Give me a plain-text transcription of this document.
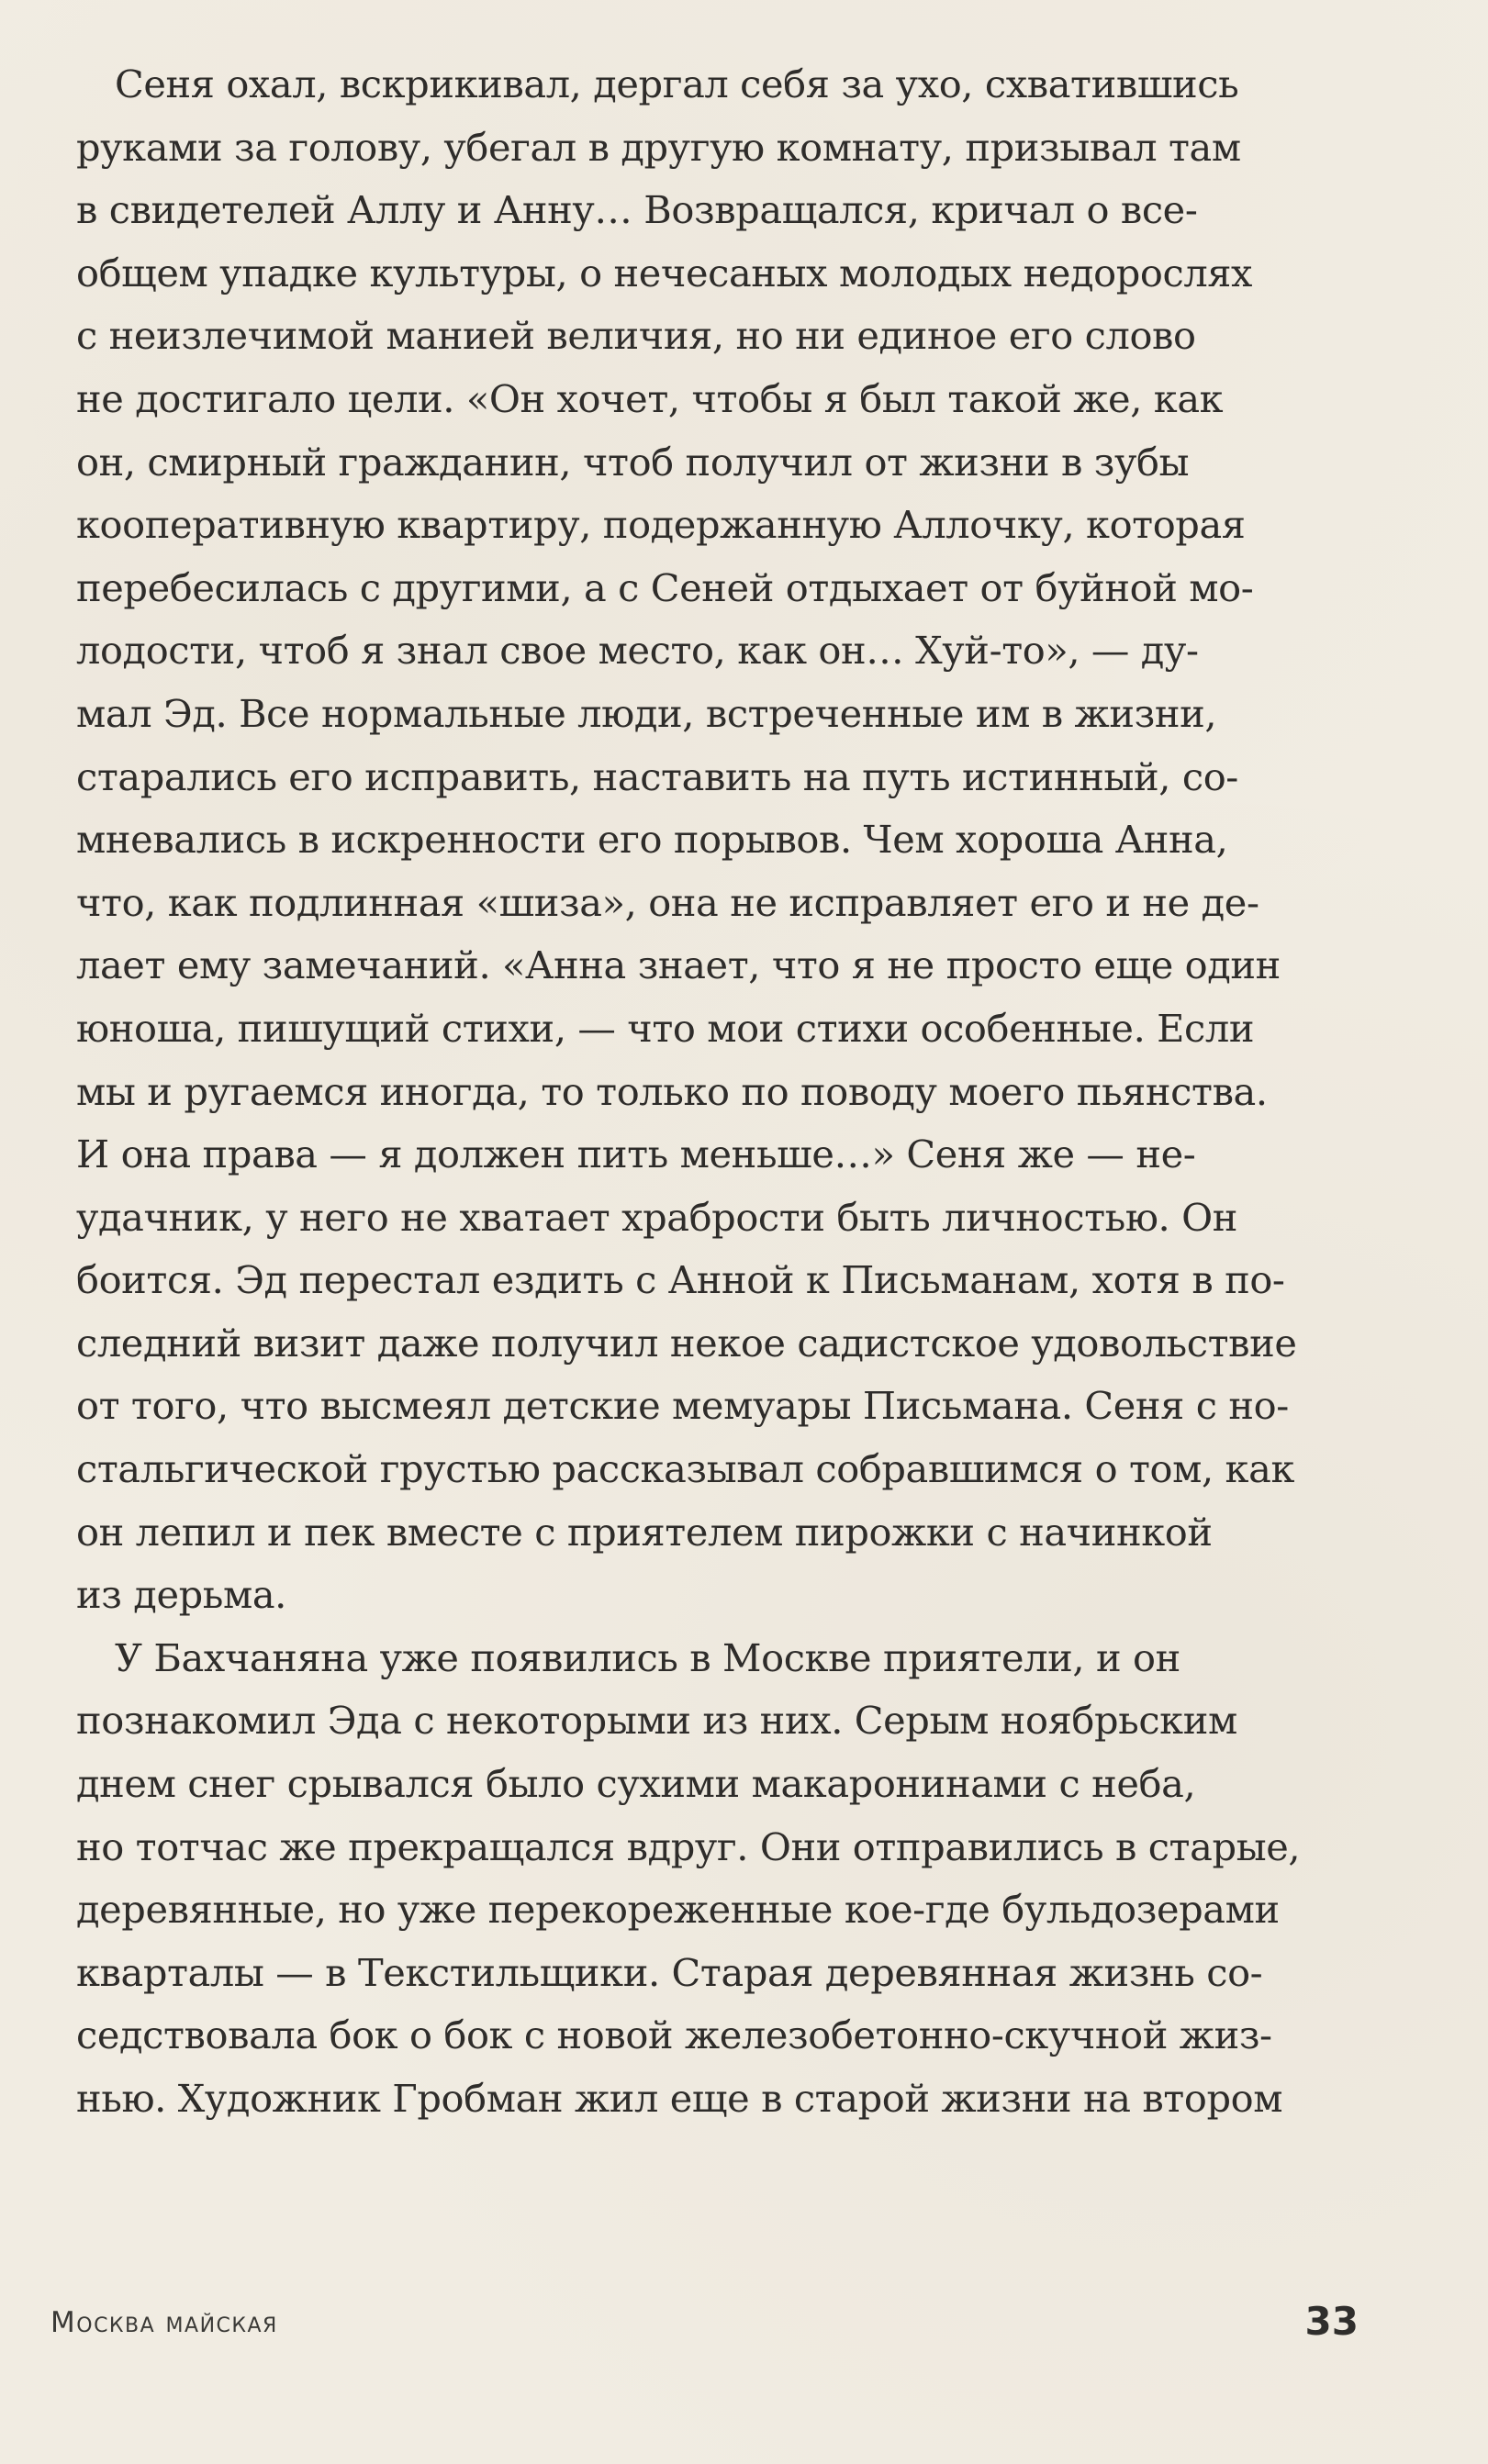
Сеня охал, вскрикивал, дергал себя за ухо, схватившись
руками за голову, убегал в другую комнату, призывал там
в свидетелей Аллу и Анну… Возвращался, кричал о все-
общем упадке культуры, о нечесаных молодых недорослях
с неизлечимой манией величия, но ни единое его слово
не достигало цели. «Он хочет, чтобы я был такой же, как
он, смирный гражданин, чтоб получил от жизни в зубы
кооперативную квартиру, подержанную Аллочку, которая
перебесилась с другими, а с Сеней отдыхает от буйной мо-
лодости, чтоб я знал свое место, как он… Хуй-то», — ду-
мал Эд. Все нормальные люди, встреченные им в жизни,
старались его исправить, наставить на путь истинный, со-
мневались в искренности его порывов. Чем хороша Анна,
что, как подлинная «шиза», она не исправляет его и не де-
лает ему замечаний. «Анна знает, что я не просто еще один
юноша, пишущий стихи, — что мои стихи особенные. Если
мы и ругаемся иногда, то только по поводу моего пьянства.
И она права — я должен пить меньше…» Сеня же — не-
удачник, у него не хватает храбрости быть личностью. Он
боится. Эд перестал ездить с Анной к Письманам, хотя в по-
следний визит даже получил некое садистское удовольствие
от того, что высмеял детские мемуары Письмана. Сеня с но-
стальгической грустью рассказывал собравшимся о том, как
он лепил и пек вместе с приятелем пирожки с начинкой
из дерьма.
У Бахчаняна уже появились в Москве приятели, и он
познакомил Эда с некоторыми из них. Серым ноябрьским
днем снег срывался было сухими макаронинами с неба,
но тотчас же прекращался вдруг. Они отправились в старые,
деревянные, но уже перекореженные кое-где бульдозерами
кварталы — в Текстильщики. Старая деревянная жизнь со-
седствовала бок о бок с новой железобетонно-скучной жиз-
нью. Художник Гробман жил еще в старой жизни на втором
Москва майская	33
